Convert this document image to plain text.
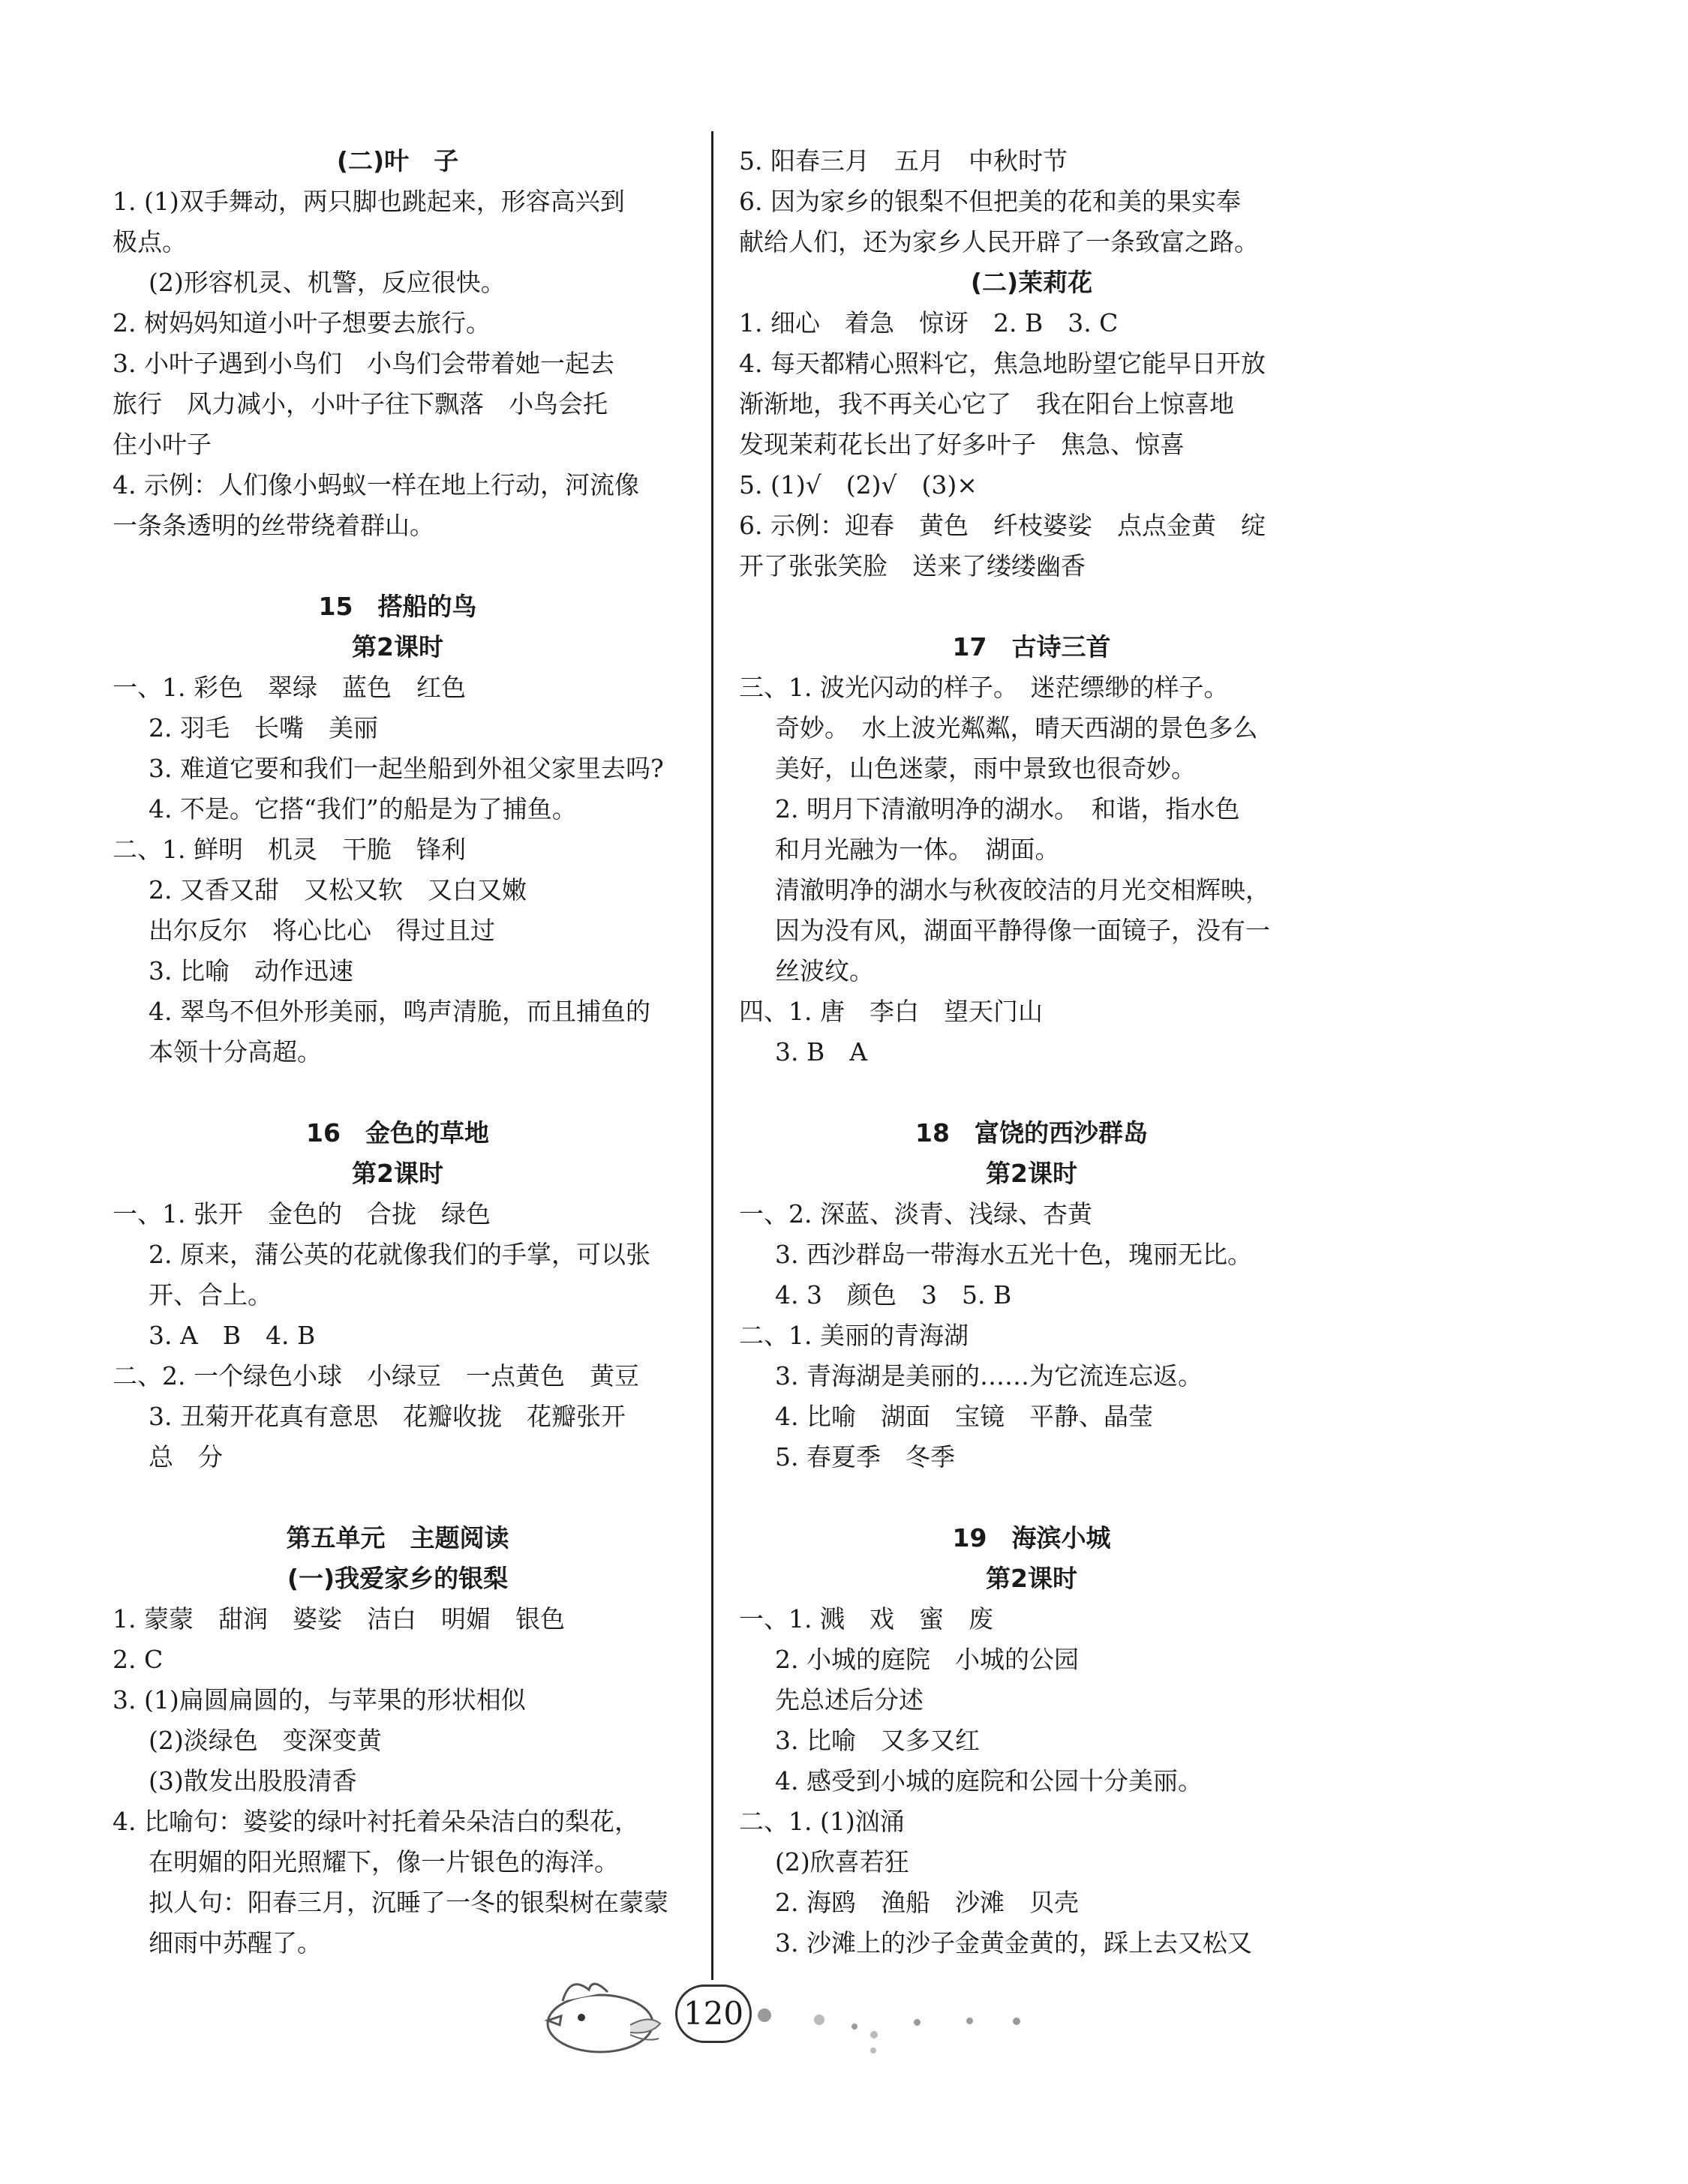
(二)叶　子
1. (1)双手舞动，两只脚也跳起来，形容高兴到
极点。
(2)形容机灵、机警，反应很快。
2. 树妈妈知道小叶子想要去旅行。
3. 小叶子遇到小鸟们　小鸟们会带着她一起去
旅行　风力减小，小叶子往下飘落　小鸟会托
住小叶子
4. 示例：人们像小蚂蚁一样在地上行动，河流像
一条条透明的丝带绕着群山。
15　搭船的鸟
第2课时
一、1. 彩色　翠绿　蓝色　红色
2. 羽毛　长嘴　美丽
3. 难道它要和我们一起坐船到外祖父家里去吗?
4. 不是。它搭“我们”的船是为了捕鱼。
二、1. 鲜明　机灵　干脆　锋利
2. 又香又甜　又松又软　又白又嫩
出尔反尔　将心比心　得过且过
3. 比喻　动作迅速
4. 翠鸟不但外形美丽，鸣声清脆，而且捕鱼的
本领十分高超。
16　金色的草地
第2课时
一、1. 张开　金色的　合拢　绿色
2. 原来，蒲公英的花就像我们的手掌，可以张
开、合上。
3. A　B　4. B
二、2. 一个绿色小球　小绿豆　一点黄色　黄豆
3. 丑菊开花真有意思　花瓣收拢　花瓣张开
总　分
第五单元　主题阅读
(一)我爱家乡的银梨
1. 蒙蒙　甜润　婆娑　洁白　明媚　银色
2. C
3. (1)扁圆扁圆的，与苹果的形状相似
(2)淡绿色　变深变黄
(3)散发出股股清香
4. 比喻句：婆娑的绿叶衬托着朵朵洁白的梨花，
在明媚的阳光照耀下，像一片银色的海洋。
拟人句：阳春三月，沉睡了一冬的银梨树在蒙蒙
细雨中苏醒了。
5. 阳春三月　五月　中秋时节
6. 因为家乡的银梨不但把美的花和美的果实奉
献给人们，还为家乡人民开辟了一条致富之路。
(二)茉莉花
1. 细心　着急　惊讶　2. B　3. C
4. 每天都精心照料它，焦急地盼望它能早日开放
渐渐地，我不再关心它了　我在阳台上惊喜地
发现茉莉花长出了好多叶子　焦急、惊喜
5. (1)√　(2)√　(3)×
6. 示例：迎春　黄色　纤枝婆娑　点点金黄　绽
开了张张笑脸　送来了缕缕幽香
17　古诗三首
三、1. 波光闪动的样子。　迷茫缥缈的样子。
奇妙。　水上波光粼粼，晴天西湖的景色多么
美好，山色迷蒙，雨中景致也很奇妙。
2. 明月下清澈明净的湖水。　和谐，指水色
和月光融为一体。　湖面。
清澈明净的湖水与秋夜皎洁的月光交相辉映，
因为没有风，湖面平静得像一面镜子，没有一
丝波纹。
四、1. 唐　李白　望天门山
3. B　A
18　富饶的西沙群岛
第2课时
一、2. 深蓝、淡青、浅绿、杏黄
3. 西沙群岛一带海水五光十色，瑰丽无比。
4. 3　颜色　3　5. B
二、1. 美丽的青海湖
3. 青海湖是美丽的……为它流连忘返。
4. 比喻　湖面　宝镜　平静、晶莹
5. 春夏季　冬季
19　海滨小城
第2课时
一、1. 溅　戏　蜜　废
2. 小城的庭院　小城的公园
先总述后分述
3. 比喻　又多又红
4. 感受到小城的庭院和公园十分美丽。
二、1. (1)汹涌
(2)欣喜若狂
2. 海鸥　渔船　沙滩　贝壳
3. 沙滩上的沙子金黄金黄的，踩上去又松又
120
